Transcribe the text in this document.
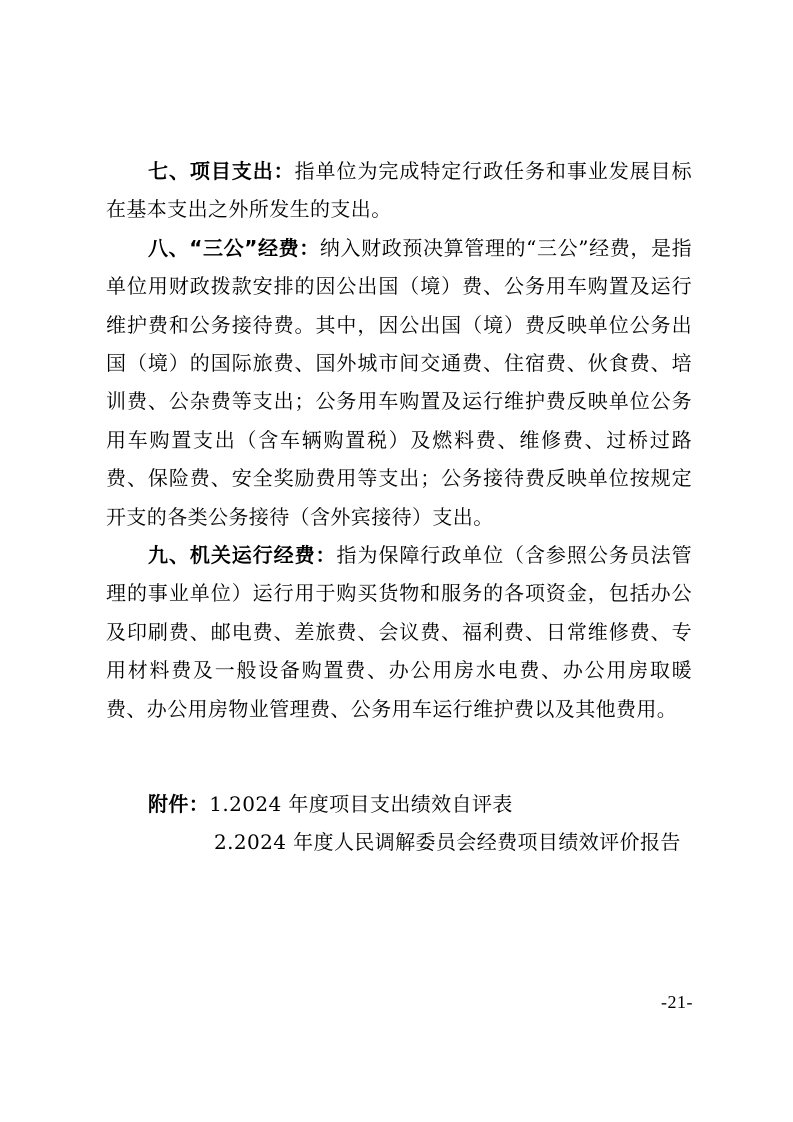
七、项目支出：指单位为完成特定行政任务和事业发展目标在基本支出之外所发生的支出。

八、“三公”经费：纳入财政预决算管理的“三公”经费，是指单位用财政拨款安排的因公出国（境）费、公务用车购置及运行维护费和公务接待费。其中，因公出国（境）费反映单位公务出国（境）的国际旅费、国外城市间交通费、住宿费、伙食费、培训费、公杂费等支出；公务用车购置及运行维护费反映单位公务用车购置支出（含车辆购置税）及燃料费、维修费、过桥过路费、保险费、安全奖励费用等支出；公务接待费反映单位按规定开支的各类公务接待（含外宾接待）支出。

九、机关运行经费：指为保障行政单位（含参照公务员法管理的事业单位）运行用于购买货物和服务的各项资金，包括办公及印刷费、邮电费、差旅费、会议费、福利费、日常维修费、专用材料费及一般设备购置费、办公用房水电费、办公用房取暖费、办公用房物业管理费、公务用车运行维护费以及其他费用。

附件：1.2024 年度项目支出绩效自评表
2.2024 年度人民调解委员会经费项目绩效评价报告
-21-
